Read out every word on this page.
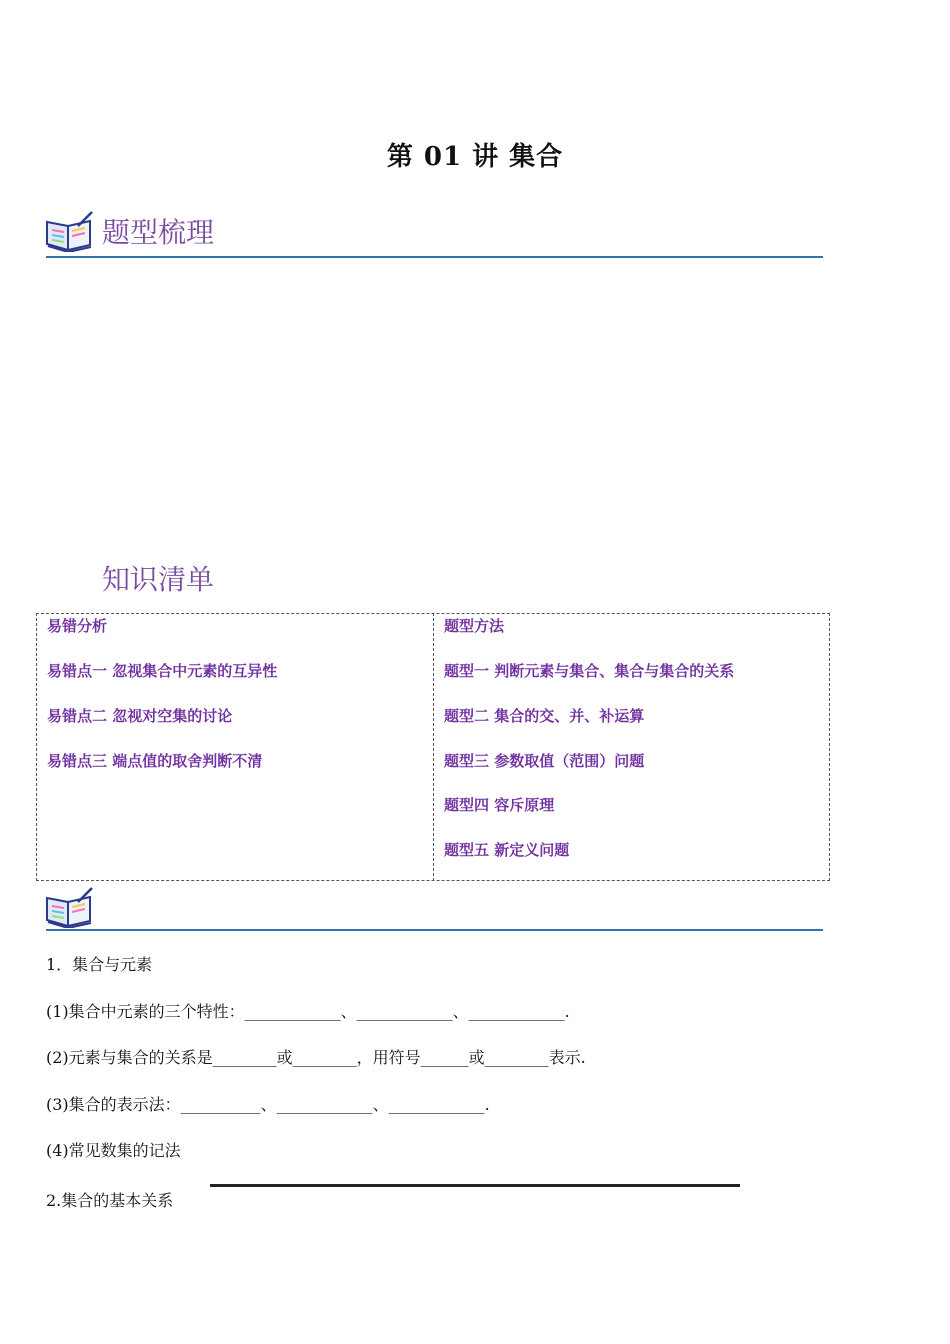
第 01 讲 集合
题型梳理
知识清单
易错分析
易错点一 忽视集合中元素的互异性
易错点二 忽视对空集的讨论
易错点三 端点值的取舍判断不清
题型方法
题型一 判断元素与集合、集合与集合的关系
题型二 集合的交、并、补运算
题型三 参数取值（范围）问题
题型四 容斥原理
题型五 新定义问题
1．集合与元素
(1)集合中元素的三个特性：____________、____________、____________.
(2)元素与集合的关系是________或________，用符号______或________表示.
(3)集合的表示法：__________、____________、____________.
(4)常见数集的记法
2.集合的基本关系
